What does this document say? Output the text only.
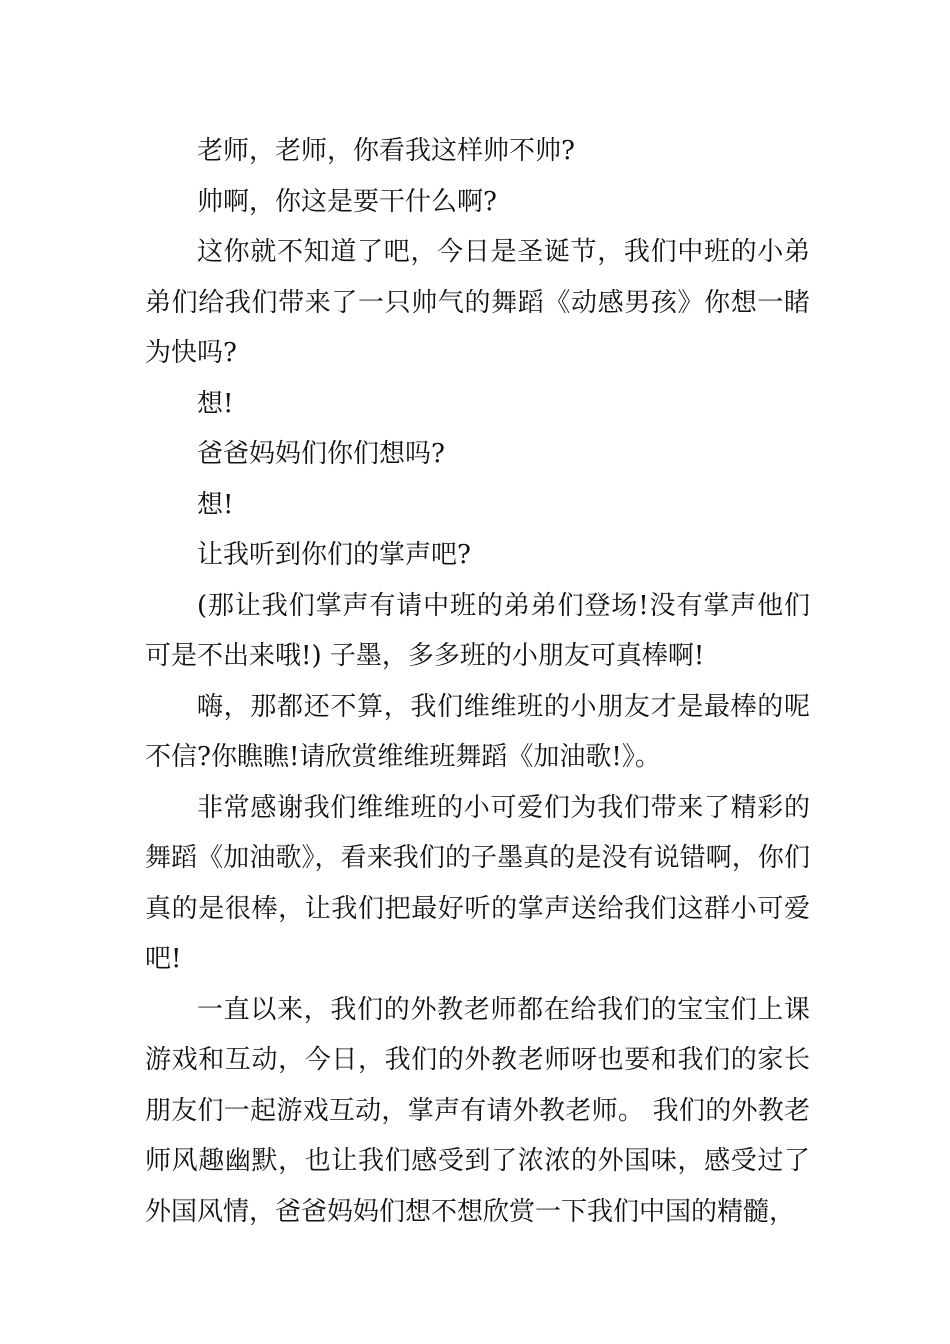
老师，老师，你看我这样帅不帅?

帅啊，你这是要干什么啊?

这你就不知道了吧，今日是圣诞节，我们中班的小弟弟们给我们带来了一只帅气的舞蹈《动感男孩》你想一睹为快吗?

想!

爸爸妈妈们你们想吗?

想!

让我听到你们的掌声吧?

(那让我们掌声有请中班的弟弟们登场!没有掌声他们可是不出来哦!) 子墨，多多班的小朋友可真棒啊!

嗨，那都还不算，我们维维班的小朋友才是最棒的呢不信?你瞧瞧!请欣赏维维班舞蹈《加油歌!》。

非常感谢我们维维班的小可爱们为我们带来了精彩的舞蹈《加油歌》，看来我们的子墨真的是没有说错啊，你们真的是很棒，让我们把最好听的掌声送给我们这群小可爱吧!

一直以来，我们的外教老师都在给我们的宝宝们上课游戏和互动，今日，我们的外教老师呀也要和我们的家长朋友们一起游戏互动，掌声有请外教老师。 我们的外教老师风趣幽默，也让我们感受到了浓浓的外国味，感受过了外国风情，爸爸妈妈们想不想欣赏一下我们中国的精髓，
